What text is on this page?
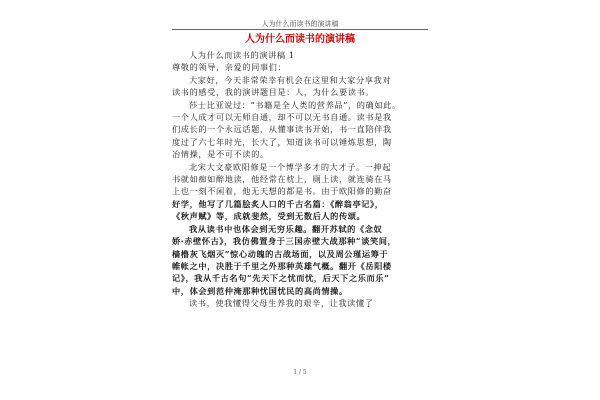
人为什么而读书的演讲稿
人为什么而读书的演讲稿

人为什么而读书的演讲稿 1

尊敬的领导，亲爱的同事们：

大家好，今天非常荣幸有机会在这里和大家分享我对

读书的感受，我的演讲题目是：人，为什么要读书。

莎士比亚说过：“书籍是全人类的营养品”，的确如此。

一个人成才可以无师自通，却不可以无书自通。读书是我

们成长的一个永远话题，从懂事读书开始，书一直陪伴我

度过了六七年时光，长大了，知道读书可以锤炼思想，陶

冶情操，是不可不读的。

北宋大文豪欧阳修是一个博学多才的大才子。一抻起

书就如痴如醉地读，他经常在枕上，厕上读，就连骑在马

上也一刻不闲着，他无天想的都是书。由于欧阳修的勤奋

好学，他写了几篇脍炙人口的千古名篇：《醉翁亭记》，

《秋声赋》等，成就斐然，受到无数后人的传颂。

我从读书中也体会到无穷乐趣。翻开苏轼的《念奴

娇·赤壁怀古》，我仿佛置身于三国赤壁大战那种“谈笑间，

樯橹灰飞烟灭”惊心动魄的古战场面，以及周公瑾运筹于

帷帐之中，决胜于千里之外那种英雄气概。翻开《岳阳楼

记》，我从千古名句“先天下之忧而忧，后天下之乐而乐”

中，体会到范仲淹那种忧国忧民的高尚情操。

读书，使我懂得父母生养我的艰辛，让我读懂了

1 / 5
